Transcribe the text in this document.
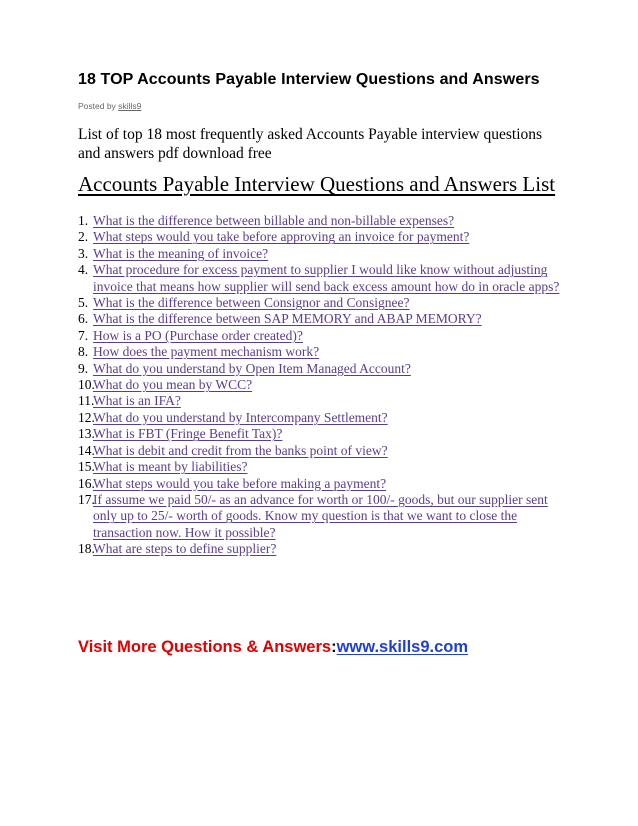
18 TOP Accounts Payable Interview Questions and Answers
Posted by skills9
List of top 18 most frequently asked Accounts Payable interview questions and answers pdf download free
Accounts Payable Interview Questions and Answers List
1. What is the difference between billable and non-billable expenses?
2. What steps would you take before approving an invoice for payment?
3. What is the meaning of invoice?
4. What procedure for excess payment to supplier I would like know without adjusting invoice that means how supplier will send back excess amount how do in oracle apps?
5. What is the difference between Consignor and Consignee?
6. What is the difference between SAP MEMORY and ABAP MEMORY?
7. How is a PO (Purchase order created)?
8. How does the payment mechanism work?
9. What do you understand by Open Item Managed Account?
10.
What do you mean by WCC?
11.
What is an IFA?
12.
What do you understand by Intercompany Settlement?
13.
What is FBT (Fringe Benefit Tax)?
14.
What is debit and credit from the banks point of view?
15.
What is meant by liabilities?
16.
What steps would you take before making a payment?
17.
If assume we paid 50/- as an advance for worth or 100/- goods, but our supplier sent only up to 25/- worth of goods. Know my question is that we want to close the transaction now. How it possible?
18.
What are steps to define supplier?
Visit More Questions & Answers:www.skills9.com
